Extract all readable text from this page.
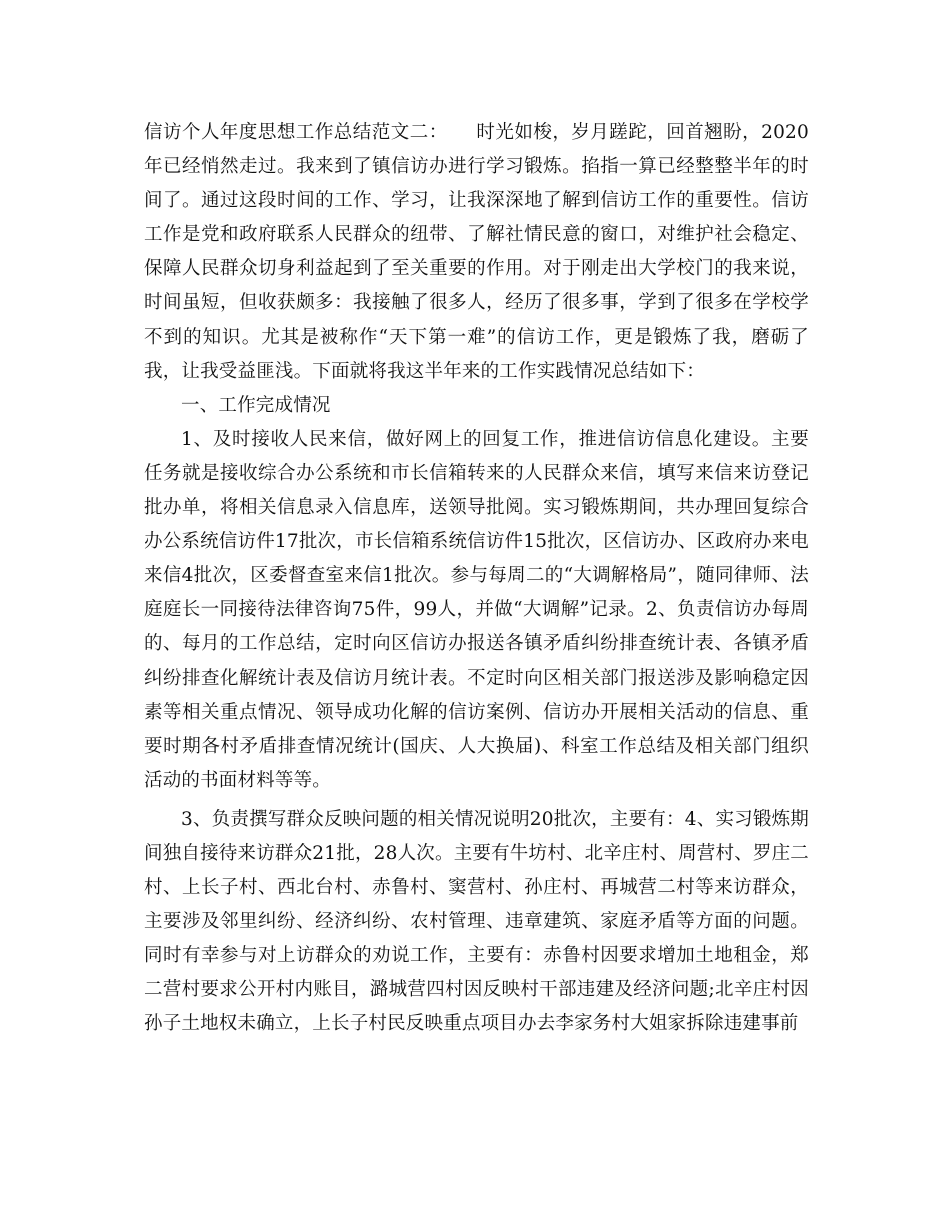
信访个人年度思想工作总结范文二：　　时光如梭，岁月蹉跎，回首翘盼，2020年已经悄然走过。我来到了镇信访办进行学习锻炼。掐指一算已经整整半年的时间了。通过这段时间的工作、学习，让我深深地了解到信访工作的重要性。信访工作是党和政府联系人民群众的纽带、了解社情民意的窗口，对维护社会稳定、保障人民群众切身利益起到了至关重要的作用。对于刚走出大学校门的我来说，时间虽短，但收获颇多：我接触了很多人，经历了很多事，学到了很多在学校学不到的知识。尤其是被称作“天下第一难”的信访工作，更是锻炼了我，磨砺了我，让我受益匪浅。下面就将我这半年来的工作实践情况总结如下：

一、工作完成情况

1、及时接收人民来信，做好网上的回复工作，推进信访信息化建设。主要任务就是接收综合办公系统和市长信箱转来的人民群众来信，填写来信来访登记批办单，将相关信息录入信息库，送领导批阅。实习锻炼期间，共办理回复综合办公系统信访件17批次，市长信箱系统信访件15批次，区信访办、区政府办来电来信4批次，区委督查室来信1批次。参与每周二的“大调解格局”，随同律师、法庭庭长一同接待法律咨询75件，99人，并做“大调解”记录。2、负责信访办每周的、每月的工作总结，定时向区信访办报送各镇矛盾纠纷排查统计表、各镇矛盾纠纷排查化解统计表及信访月统计表。不定时向区相关部门报送涉及影响稳定因素等相关重点情况、领导成功化解的信访案例、信访办开展相关活动的信息、重要时期各村矛盾排查情况统计(国庆、人大换届)、科室工作总结及相关部门组织活动的书面材料等等。

3、负责撰写群众反映问题的相关情况说明20批次，主要有：4、实习锻炼期间独自接待来访群众21批，28人次。主要有牛坊村、北辛庄村、周营村、罗庄二村、上长子村、西北台村、赤鲁村、窦营村、孙庄村、再城营二村等来访群众，主要涉及邻里纠纷、经济纠纷、农村管理、违章建筑、家庭矛盾等方面的问题。同时有幸参与对上访群众的劝说工作，主要有：赤鲁村因要求增加土地租金，郑二营村要求公开村内账目，潞城营四村因反映村干部违建及经济问题;北辛庄村因孙子土地权未确立，上长子村民反映重点项目办去李家务村大姐家拆除违建事前
